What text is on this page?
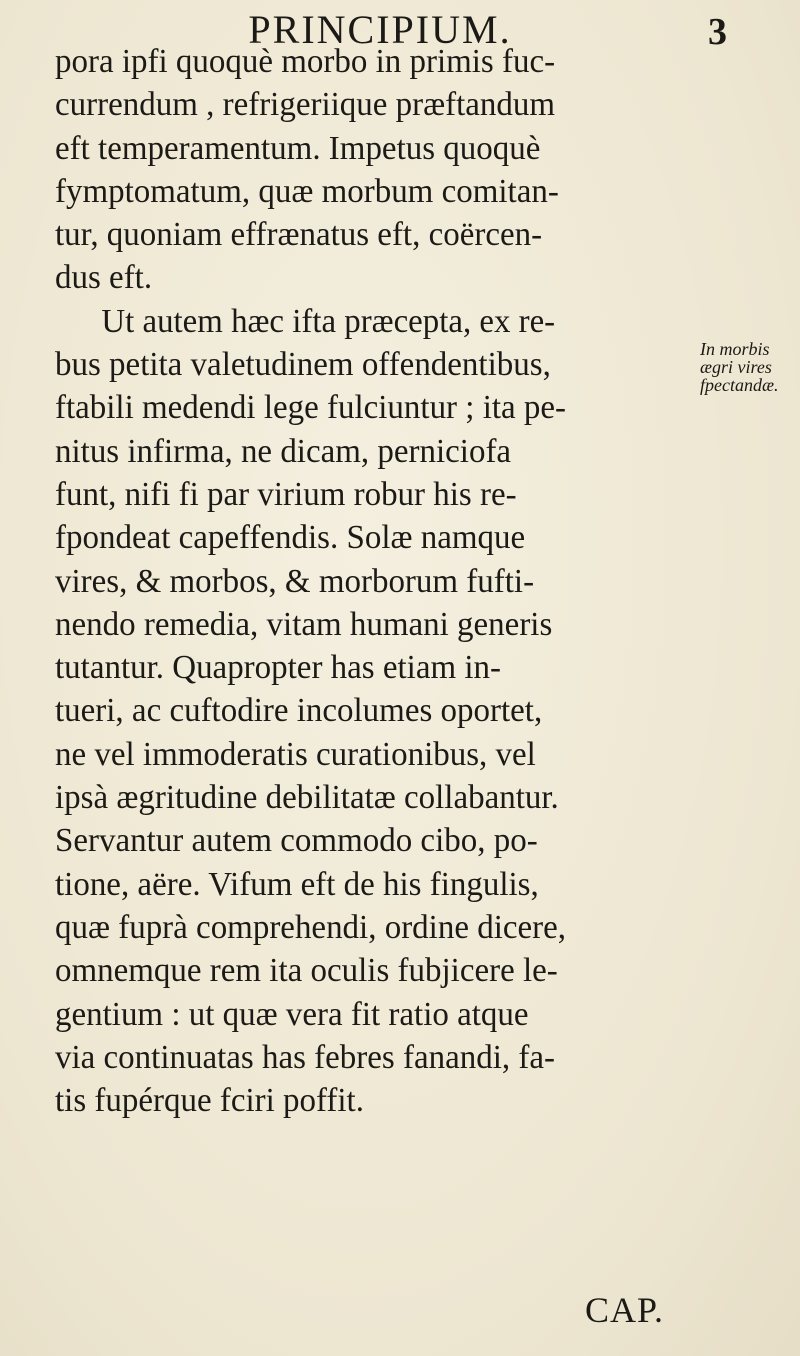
PRINCIPIUM.	3
pora ipfi quoquè morbo in primis fuc-
currendum , refrigeriique præftandum
eft temperamentum. Impetus quoquè
fymptomatum, quæ morbum comitan-
tur, quoniam effrænatus eft, coërcen-
dus eft.
Ut autem hæc ifta præcepta, ex re-
bus petita valetudinem offendentibus,
ftabili medendi lege fulciuntur ; ita pe-
nitus infirma, ne dicam, perniciofa
funt, nifi fi par virium robur his re-
fpondeat capeffendis. Solæ namque
vires, & morbos, & morborum fufti-
nendo remedia, vitam humani generis
tutantur. Quapropter has etiam in-
tueri, ac cuftodire incolumes oportet,
ne vel immoderatis curationibus, vel
ipsà ægritudine debilitatæ collabantur.
Servantur autem commodo cibo, po-
tione, aëre. Vifum eft de his fingulis,
quæ fuprà comprehendi, ordine dicere,
omnemque rem ita oculis fubjicere le-
gentium : ut quæ vera fit ratio atque
via continuatas has febres fanandi, fa-
tis fupérque fciri poffit.
In morbis
ægri vires
fpectandæ.
CAP.
